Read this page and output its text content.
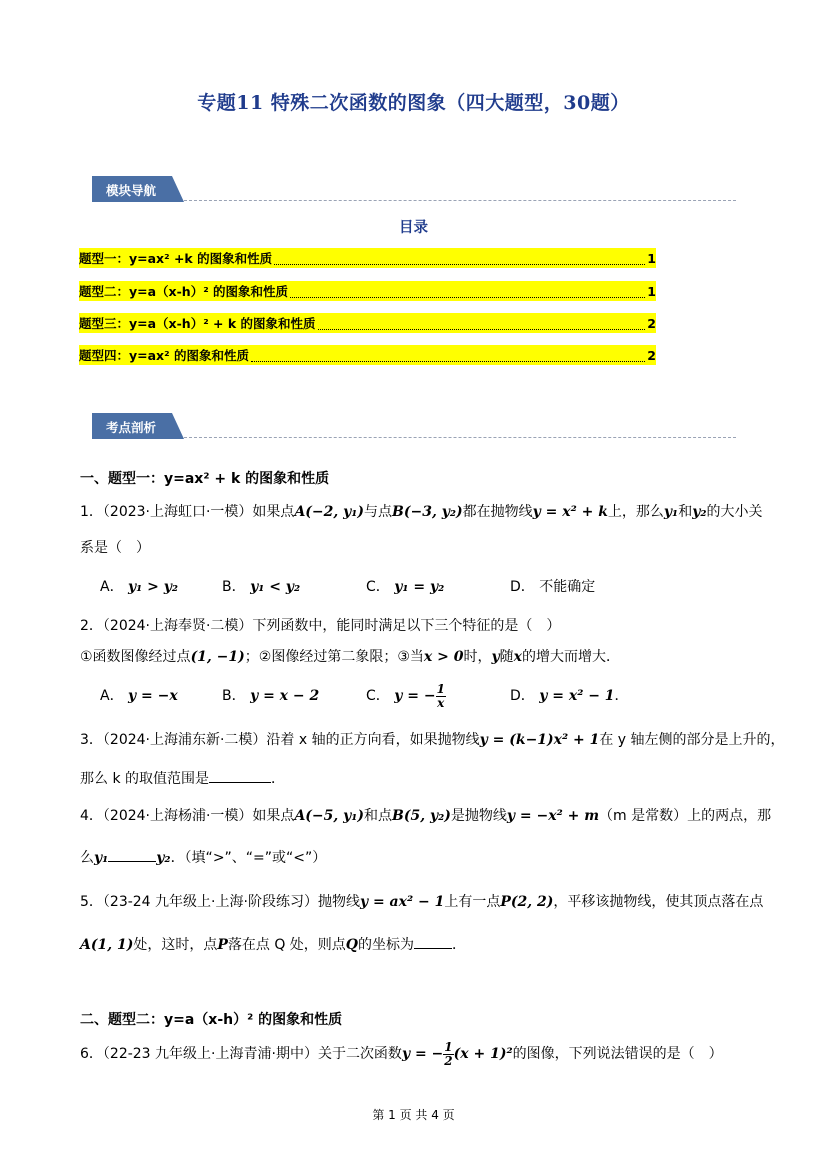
专题11 特殊二次函数的图象（四大题型，30题）
模块导航
目录
题型一：y=ax² +k 的图象和性质	1
题型二：y=a（x-h）² 的图象和性质	1
题型三：y=a（x-h）² + k 的图象和性质	2
题型四：y=ax² 的图象和性质	2
考点剖析
一、题型一：y=ax² + k 的图象和性质
1．（2023·上海虹口·一模）如果点A(−2, y₁)与点B(−3, y₂)都在抛物线y = x² + k上，那么y₁和y₂的大小关
系是（　）
A． y₁ > y₂	B． y₁ < y₂	C． y₁ = y₂	D． 不能确定
2．（2024·上海奉贤·二模）下列函数中，能同时满足以下三个特征的是（　）
①函数图像经过点(1, −1)；②图像经过第二象限；③当x > 0时，y随x的增大而增大．
A． y = −x	B． y = x − 2	C．
y = − $\frac{1}{x}$	D． y = x² − 1．
3．（2024·上海浦东新·二模）沿着 x 轴的正方向看，如果抛物线y = (k−1)x² + 1在 y 轴左侧的部分是上升的，
那么 k 的取值范围是	．
4．（2024·上海杨浦·一模）如果点A(−5, y₁)和点B(5, y₂)是抛物线y = −x² + m（m 是常数）上的两点，那
么y₁	y₂．（填“>”、“=”或“<”）
5．（23-24 九年级上·上海·阶段练习）抛物线y = ax² − 1上有一点P(2, 2)，平移该抛物线，使其顶点落在点
A(1, 1)处，这时，点P落在点 Q 处，则点Q的坐标为	．
二、题型二：y=a（x-h）² 的图象和性质
6．（22-23 九年级上·上海青浦·期中）关于二次函数 y = − $\frac{1}{2} (x + 1)^2$ 的图像，下列说法错误的是（　）
第 1 页 共 4 页
